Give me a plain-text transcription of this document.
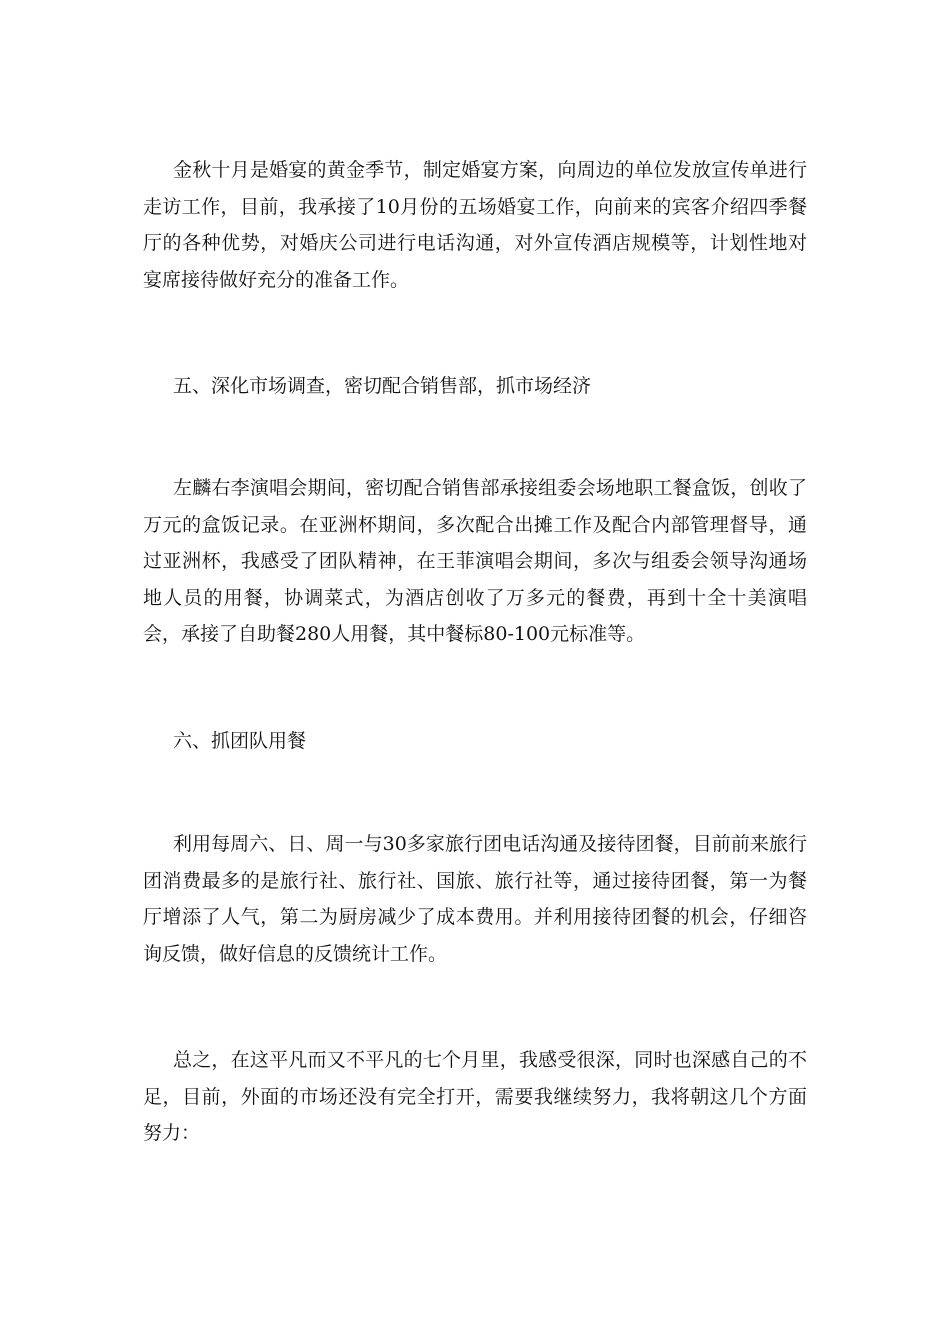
金秋十月是婚宴的黄金季节，制定婚宴方案，向周边的单位发放宣传单进行走访工作，目前，我承接了10月份的五场婚宴工作，向前来的宾客介绍四季餐厅的各种优势，对婚庆公司进行电话沟通，对外宣传酒店规模等，计划性地对宴席接待做好充分的准备工作。

五、深化市场调查，密切配合销售部，抓市场经济

左麟右李演唱会期间，密切配合销售部承接组委会场地职工餐盒饭，创收了万元的盒饭记录。在亚洲杯期间，多次配合出摊工作及配合内部管理督导，通过亚洲杯，我感受了团队精神，在王菲演唱会期间，多次与组委会领导沟通场地人员的用餐，协调菜式，为酒店创收了万多元的餐费，再到十全十美演唱会，承接了自助餐280人用餐，其中餐标80-100元标准等。

六、抓团队用餐

利用每周六、日、周一与30多家旅行团电话沟通及接待团餐，目前前来旅行团消费最多的是旅行社、旅行社、国旅、旅行社等，通过接待团餐，第一为餐厅增添了人气，第二为厨房减少了成本费用。并利用接待团餐的机会，仔细咨询反馈，做好信息的反馈统计工作。

总之，在这平凡而又不平凡的七个月里，我感受很深，同时也深感自己的不足，目前，外面的市场还没有完全打开，需要我继续努力，我将朝这几个方面努力：
